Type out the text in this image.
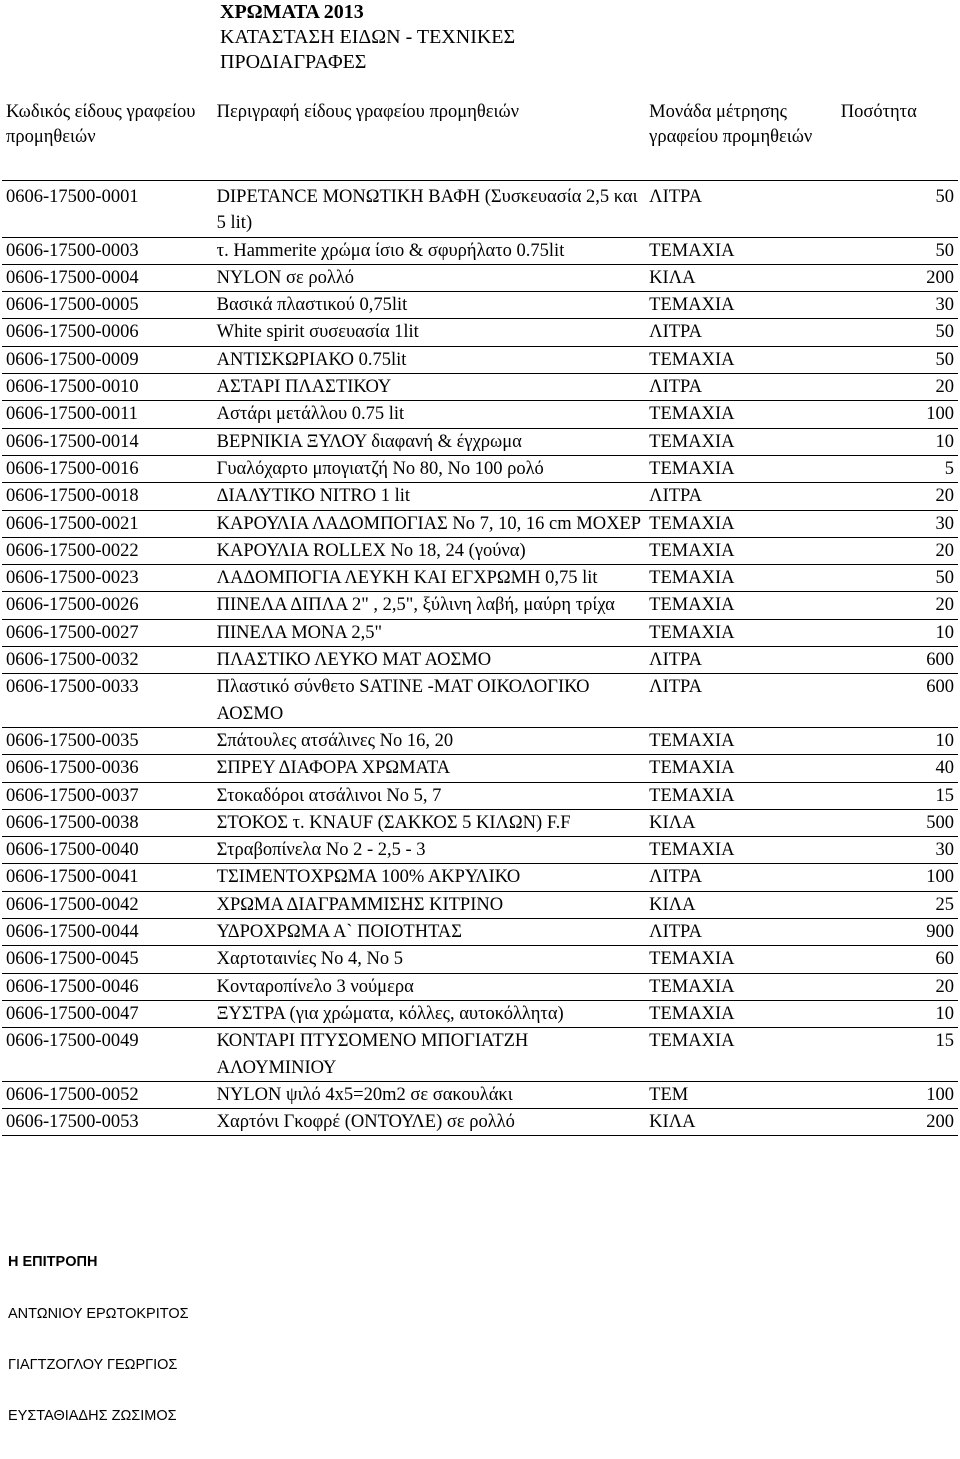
ΧΡΩΜΑΤΑ 2013
ΚΑΤΑΣΤΑΣΗ ΕΙΔΩΝ - ΤΕΧΝΙΚΕΣ
ΠΡΟΔΙΑΓΡΑΦΕΣ
Κωδικός είδους γραφείου προμηθειών	Περιγραφή είδους γραφείου προμηθειών	Μονάδα μέτρησης γραφείου προμηθειών	Ποσότητα
0606-17500-0001	DIPETANCE ΜΟΝΩΤΙΚΗ ΒΑΦΗ (Συσκευασία 2,5 και 5 lit)	ΛΙΤΡΑ	50
0606-17500-0003	τ. Hammerite χρώμα ίσιο & σφυρήλατο 0.75lit	ΤΕΜΑΧΙΑ	50
0606-17500-0004	NYLON σε ρολλό	ΚΙΛΑ	200
0606-17500-0005	Βασικά πλαστικού 0,75lit	ΤΕΜΑΧΙΑ	30
0606-17500-0006	White spirit συσευασία 1lit	ΛΙΤΡΑ	50
0606-17500-0009	ΑΝΤΙΣΚΩΡΙΑΚΟ 0.75lit	ΤΕΜΑΧΙΑ	50
0606-17500-0010	ΑΣΤΑΡΙ ΠΛΑΣΤΙΚΟΥ	ΛΙΤΡΑ	20
0606-17500-0011	Αστάρι μετάλλου 0.75 lit	ΤΕΜΑΧΙΑ	100
0606-17500-0014	ΒΕΡΝΙΚΙΑ ΞΥΛΟΥ διαφανή & έγχρωμα	ΤΕΜΑΧΙΑ	10
0606-17500-0016	Γυαλόχαρτο μπογιατζή Νο 80, Νο 100 ρολό	ΤΕΜΑΧΙΑ	5
0606-17500-0018	ΔΙΑΛΥΤΙΚΟ NITRO 1 lit	ΛΙΤΡΑ	20
0606-17500-0021	ΚΑΡΟΥΛΙΑ ΛΑΔΟΜΠΟΓΙΑΣ Νο 7, 10, 16 cm ΜΟΧΕΡ	ΤΕΜΑΧΙΑ	30
0606-17500-0022	ΚΑΡΟΥΛΙΑ ROLLEX Νο 18, 24 (γούνα)	ΤΕΜΑΧΙΑ	20
0606-17500-0023	ΛΑΔΟΜΠΟΓΙΑ ΛΕΥΚΗ ΚΑΙ ΕΓΧΡΩΜΗ 0,75 lit	ΤΕΜΑΧΙΑ	50
0606-17500-0026	ΠΙΝΕΛΑ ΔΙΠΛΑ 2" , 2,5", ξύλινη λαβή, μαύρη τρίχα	ΤΕΜΑΧΙΑ	20
0606-17500-0027	ΠΙΝΕΛΑ ΜΟΝΑ 2,5"	ΤΕΜΑΧΙΑ	10
0606-17500-0032	ΠΛΑΣΤΙΚΟ ΛΕΥΚΟ ΜΑΤ ΑΟΣΜΟ	ΛΙΤΡΑ	600
0606-17500-0033	Πλαστικό σύνθετο SATINE -MAT ΟΙΚΟΛΟΓΙΚΟ ΑΟΣΜΟ	ΛΙΤΡΑ	600
0606-17500-0035	Σπάτουλες ατσάλινες Νο 16, 20	ΤΕΜΑΧΙΑ	10
0606-17500-0036	ΣΠΡΕΥ ΔΙΑΦΟΡΑ ΧΡΩΜΑΤΑ	ΤΕΜΑΧΙΑ	40
0606-17500-0037	Στοκαδόροι ατσάλινοι Νο 5, 7	ΤΕΜΑΧΙΑ	15
0606-17500-0038	ΣΤΟΚΟΣ τ. KNAUF (ΣΑΚΚΟΣ 5 ΚΙΛΩΝ) F.F	ΚΙΛΑ	500
0606-17500-0040	Στραβοπίνελα Νο 2 - 2,5 - 3	ΤΕΜΑΧΙΑ	30
0606-17500-0041	ΤΣΙΜΕΝΤΟΧΡΩΜΑ 100% ΑΚΡΥΛΙΚΟ	ΛΙΤΡΑ	100
0606-17500-0042	ΧΡΩΜΑ ΔΙΑΓΡΑΜΜΙΣΗΣ ΚΙΤΡΙΝΟ	ΚΙΛΑ	25
0606-17500-0044	ΥΔΡΟΧΡΩΜΑ Α` ΠΟΙΟΤΗΤΑΣ	ΛΙΤΡΑ	900
0606-17500-0045	Χαρτοταινίες Νο 4, Νο 5	ΤΕΜΑΧΙΑ	60
0606-17500-0046	Κονταροπίνελο 3 νούμερα	ΤΕΜΑΧΙΑ	20
0606-17500-0047	ΞΥΣΤΡΑ (για χρώματα, κόλλες, αυτοκόλλητα)	ΤΕΜΑΧΙΑ	10
0606-17500-0049	ΚΟΝΤΑΡΙ ΠΤΥΣΟΜΕΝΟ ΜΠΟΓΙΑΤΖΗ ΑΛΟΥΜΙΝΙΟΥ	ΤΕΜΑΧΙΑ	15
0606-17500-0052	NYLON ψιλό 4x5=20m2 σε σακουλάκι	ΤΕΜ	100
0606-17500-0053	Χαρτόνι Γκοφρέ (ΟΝΤΟΥΛΕ) σε ρολλό	ΚΙΛΑ	200
Η ΕΠΙΤΡΟΠΗ
ΑΝΤΩΝΙΟΥ ΕΡΩΤΟΚΡΙΤΟΣ
ΓΙΑΓΤΖΟΓΛΟΥ ΓΕΩΡΓΙΟΣ
ΕΥΣΤΑΘΙΑΔΗΣ ΖΩΣΙΜΟΣ
